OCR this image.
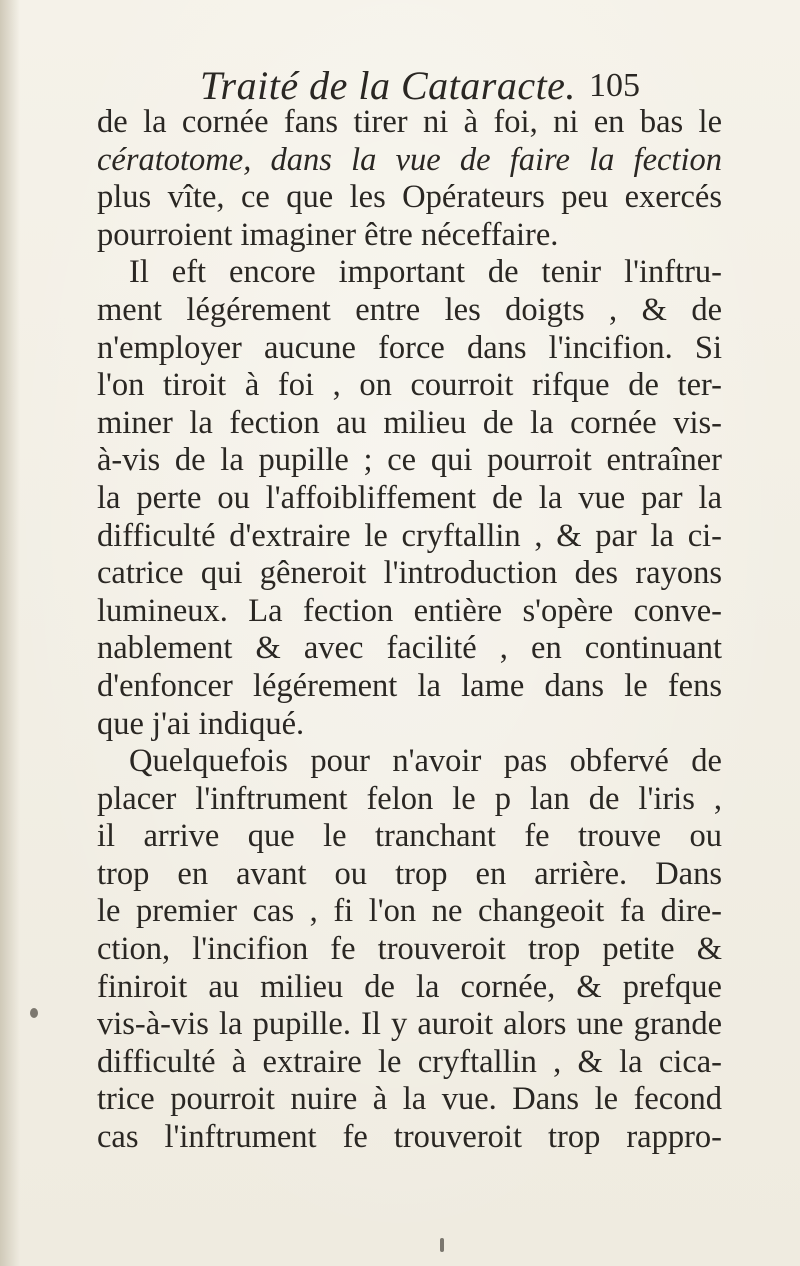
Traité de la Cataracte. 105
de la cornée fans tirer ni à foi, ni en bas le
cératotome, dans la vue de faire la fection
plus vîte, ce que les Opérateurs peu exercés
pourroient imaginer être néceffaire.
Il eft encore important de tenir l'inftru-
ment légérement entre les doigts , & de
n'employer aucune force dans l'incifion. Si
l'on tiroit à foi , on courroit rifque de ter-
miner la fection au milieu de la cornée vis-
à-vis de la pupille ; ce qui pourroit entraîner
la perte ou l'affoibliffement de la vue par la
difficulté d'extraire le cryftallin , & par la ci-
catrice qui gêneroit l'introduction des rayons
lumineux. La fection entière s'opère conve-
nablement & avec facilité , en continuant
d'enfoncer légérement la lame dans le fens
que j'ai indiqué.
Quelquefois pour n'avoir pas obfervé de
placer l'inftrument felon le p lan de l'iris ,
il arrive que le tranchant fe trouve ou
trop en avant ou trop en arrière. Dans
le premier cas , fi l'on ne changeoit fa dire-
ction, l'incifion fe trouveroit trop petite &
finiroit au milieu de la cornée, & prefque
vis-à-vis la pupille. Il y auroit alors une grande
difficulté à extraire le cryftallin , & la cica-
trice pourroit nuire à la vue. Dans le fecond
cas l'inftrument fe trouveroit trop rappro-
